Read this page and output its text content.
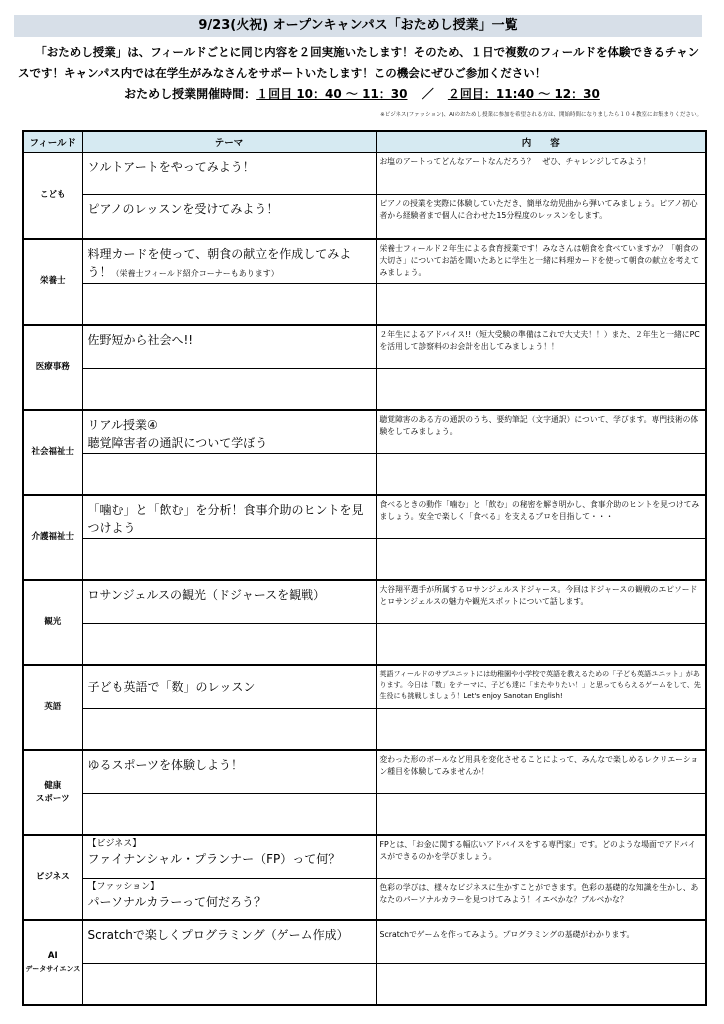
9/23(火祝) オープンキャンパス「おためし授業」一覧

「おためし授業」は、フィールドごとに同じ内容を２回実施いたします！そのため、１日で複数のフィールドを体験できるチャンスです！キャンパス内では在学生がみなさんをサポートいたします！この機会にぜひご参加ください！

おためし授業開催時間：１回目 10：40 ～ 11：30 ／ ２回目：11:40 ～ 12：30
※ビジネス(ファッション)、AIのおためし授業に参加を希望される方は、開始時間になりましたら１０４教室にお集まりください。
フィールド	テーマ	内　　容
こども	ソルトアートをやってみよう！	お塩のアートってどんなアートなんだろう？　ぜひ、チャレンジしてみよう！
	ピアノのレッスンを受けてみよう！	ピアノの授業を実際に体験していただき、簡単な幼児曲から弾いてみましょう。ピアノ初心者から経験者まで個人に合わせた15分程度のレッスンをします。
栄養士	料理カードを使って、朝食の献立を作成してみよう！（栄養士フィールド紹介コーナーもあります）	栄養士フィールド２年生による食育授業です！みなさんは朝食を食べていますか？「朝食の大切さ」についてお話を聞いたあとに学生と一緒に料理カードを使って朝食の献立を考えてみましょう。

医療事務	佐野短から社会へ!!	２年生によるアドバイス!!（短大受験の準備はこれで大丈夫！！）また、２年生と一緒にPCを活用して診察料のお会計を出してみましょう！！

社会福祉士	リアル授業④
聴覚障害者の通訳について学ぼう	聴覚障害のある方の通訳のうち、要約筆記（文字通訳）について、学びます。専門技術の体験をしてみましょう。

介護福祉士	「噛む」と「飲む」を分析！食事介助のヒントを見つけよう	食べるときの動作「噛む」と「飲む」の秘密を解き明かし、食事介助のヒントを見つけてみましょう。安全で楽しく「食べる」を支えるプロを目指して・・・

観光	ロサンジェルスの観光（ドジャースを観戦）	大谷翔平選手が所属するロサンジェルスドジャース。今回はドジャースの観戦のエピソードとロサンジェルスの魅力や観光スポットについて話します。

英語	子ども英語で「数」のレッスン	英語フィールドのサブユニットには幼稚園や小学校で英語を教えるための「子ども英語ユニット」があります。今日は「数」をテーマに、子ども達に「またやりたい！」と思ってもらえるゲームをして、先生役にも挑戦しましょう！Let's enjoy Sanotan English!

健康
スポーツ	ゆるスポーツを体験しよう！	変わった形のボールなど用具を変化させることによって、みんなで楽しめるレクリエーション種目を体験してみませんか！

ビジネス	【ビジネス】
ファイナンシャル・プランナー（FP）って何？	FPとは、「お金に関する幅広いアドバイスをする専門家」です。どのような場面でアドバイスができるのかを学びましょう。

	【ファッション】
パーソナルカラーって何だろう？	色彩の学びは、様々なビジネスに生かすことができます。色彩の基礎的な知識を生かし、あなたのパーソナルカラーを見つけてみよう！イエベかな？ブルベかな？
AI
データサイエンス	Scratchで楽しくプログラミング（ゲーム作成）	Scratchでゲームを作ってみよう。プログラミングの基礎がわかります。
